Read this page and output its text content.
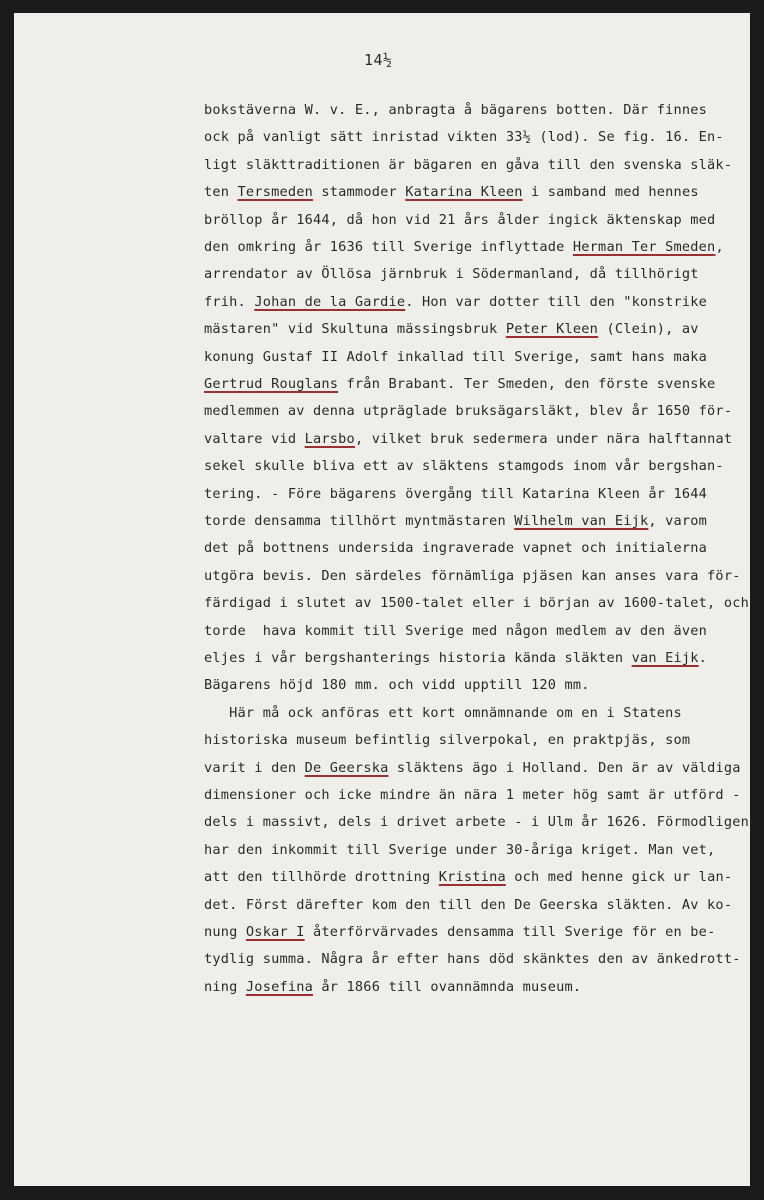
14½
bokstäverna W. v. E., anbragta å bägarens botten. Där finnes
ock på vanligt sätt inristad vikten 33½ (lod). Se fig. 16. En-
ligt släkttraditionen är bägaren en gåva till den svenska släk-
ten Tersmeden stammoder Katarina Kleen i samband med hennes
bröllop år 1644, då hon vid 21 års ålder ingick äktenskap med
den omkring år 1636 till Sverige inflyttade Herman Ter Smeden,
arrendator av Öllösa järnbruk i Södermanland, då tillhörigt
frih. Johan de la Gardie. Hon var dotter till den "konstrike
mästaren" vid Skultuna mässingsbruk Peter Kleen (Clein), av
konung Gustaf II Adolf inkallad till Sverige, samt hans maka
Gertrud Rouglans från Brabant. Ter Smeden, den förste svenske
medlemmen av denna utpräglade bruksägarsläkt, blev år 1650 för-
valtare vid Larsbo, vilket bruk sedermera under nära halftannat
sekel skulle bliva ett av släktens stamgods inom vår bergshan-
tering. - Före bägarens övergång till Katarina Kleen år 1644
torde densamma tillhört myntmästaren Wilhelm van Eijk, varom
det på bottnens undersida ingraverade vapnet och initialerna
utgöra bevis. Den särdeles förnämliga pjäsen kan anses vara för-
färdigad i slutet av 1500-talet eller i början av 1600-talet, och
torde  hava kommit till Sverige med någon medlem av den även
eljes i vår bergshanterings historia kända släkten van Eijk.
Bägarens höjd 180 mm. och vidd upptill 120 mm.
Här må ock anföras ett kort omnämnande om en i Statens
historiska museum befintlig silverpokal, en praktpjäs, som
varit i den De Geerska släktens ägo i Holland. Den är av väldiga
dimensioner och icke mindre än nära 1 meter hög samt är utförd -
dels i massivt, dels i drivet arbete - i Ulm år 1626. Förmodligen
har den inkommit till Sverige under 30-åriga kriget. Man vet,
att den tillhörde drottning Kristina och med henne gick ur lan-
det. Först därefter kom den till den De Geerska släkten. Av ko-
nung Oskar I återförvärvades densamma till Sverige för en be-
tydlig summa. Några år efter hans död skänktes den av änkedrott-
ning Josefina år 1866 till ovannämnda museum.
